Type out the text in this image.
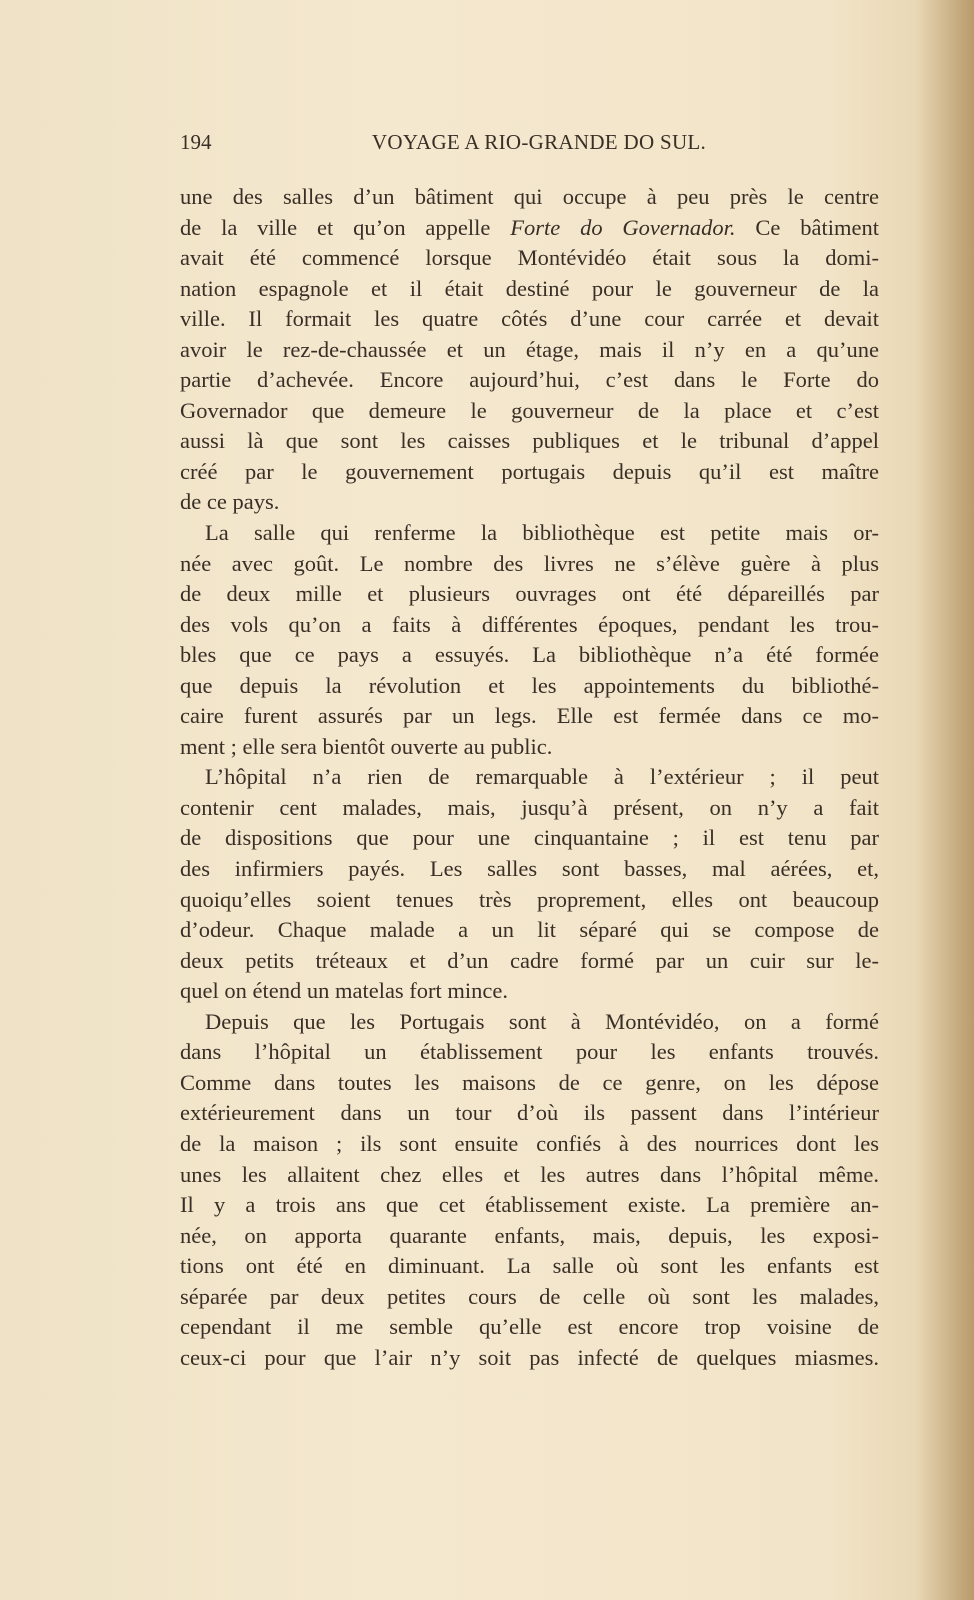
194	VOYAGE A RIO-GRANDE DO SUL.
une des salles d’un bâtiment qui occupe à peu près le centre
de la ville et qu’on appelle Forte do Governador. Ce bâtiment
avait été commencé lorsque Montévidéo était sous la domi-
nation espagnole et il était destiné pour le gouverneur de la
ville. Il formait les quatre côtés d’une cour carrée et devait
avoir le rez-de-chaussée et un étage, mais il n’y en a qu’une
partie d’achevée. Encore aujourd’hui, c’est dans le Forte do
Governador que demeure le gouverneur de la place et c’est
aussi là que sont les caisses publiques et le tribunal d’appel
créé par le gouvernement portugais depuis qu’il est maître
de ce pays.
La salle qui renferme la bibliothèque est petite mais or-
née avec goût. Le nombre des livres ne s’élève guère à plus
de deux mille et plusieurs ouvrages ont été dépareillés par
des vols qu’on a faits à différentes époques, pendant les trou-
bles que ce pays a essuyés. La bibliothèque n’a été formée
que depuis la révolution et les appointements du bibliothé-
caire furent assurés par un legs. Elle est fermée dans ce mo-
ment ; elle sera bientôt ouverte au public.
L’hôpital n’a rien de remarquable à l’extérieur ; il peut
contenir cent malades, mais, jusqu’à présent, on n’y a fait
de dispositions que pour une cinquantaine ; il est tenu par
des infirmiers payés. Les salles sont basses, mal aérées, et,
quoiqu’elles soient tenues très proprement, elles ont beaucoup
d’odeur. Chaque malade a un lit séparé qui se compose de
deux petits tréteaux et d’un cadre formé par un cuir sur le-
quel on étend un matelas fort mince.
Depuis que les Portugais sont à Montévidéo, on a formé
dans l’hôpital un établissement pour les enfants trouvés.
Comme dans toutes les maisons de ce genre, on les dépose
extérieurement dans un tour d’où ils passent dans l’intérieur
de la maison ; ils sont ensuite confiés à des nourrices dont les
unes les allaitent chez elles et les autres dans l’hôpital même.
Il y a trois ans que cet établissement existe. La première an-
née, on apporta quarante enfants, mais, depuis, les exposi-
tions ont été en diminuant. La salle où sont les enfants est
séparée par deux petites cours de celle où sont les malades,
cependant il me semble qu’elle est encore trop voisine de
ceux-ci pour que l’air n’y soit pas infecté de quelques miasmes.
